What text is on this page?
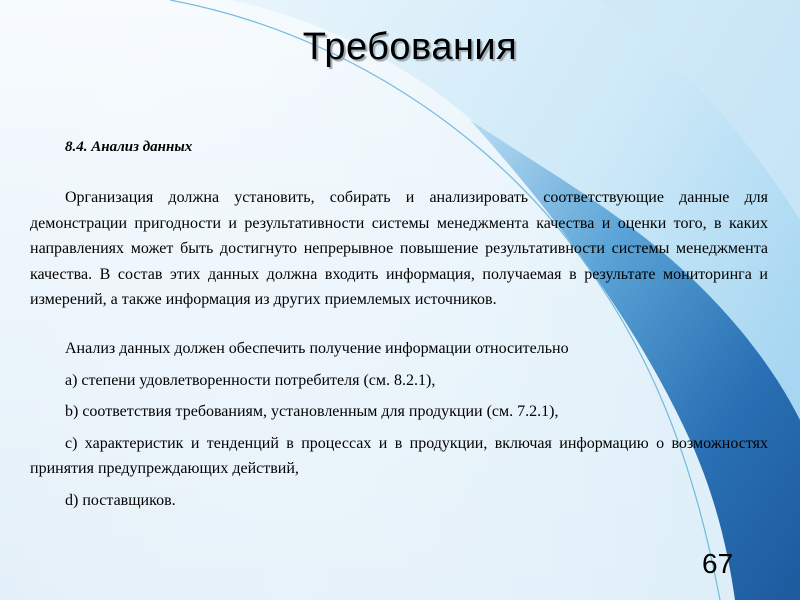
Требования

8.4. Анализ данных

Организация должна установить, собирать и анализировать соответствующие данные для демонстрации пригодности и результативности системы менеджмента качества и оценки того, в каких направлениях может быть достигнуто непрерывное повышение результативности системы менеджмента качества. В состав этих данных должна входить информация, получаемая в результате мониторинга и измерений, а также информация из других приемлемых источников.

Анализ данных должен обеспечить получение информации относительно

а) степени удовлетворенности потребителя (см. 8.2.1),

b) соответствия требованиям, установленным для продукции (см. 7.2.1),

с) характеристик и тенденций в процессах и в продукции, включая информацию о возможностях принятия предупреждающих действий,

d) поставщиков.

67
